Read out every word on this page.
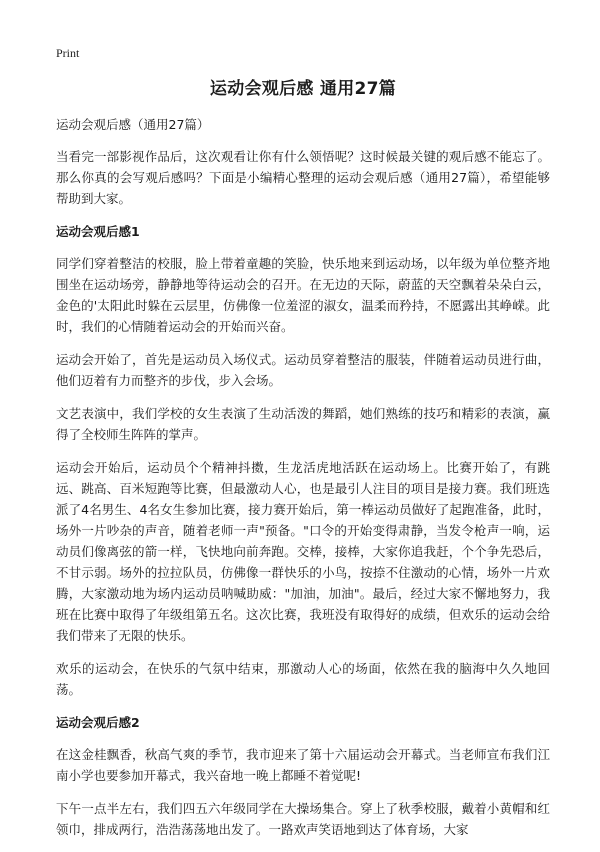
Print
运动会观后感 通用27篇
运动会观后感（通用27篇）

当看完一部影视作品后，这次观看让你有什么领悟呢？这时候最关键的观后感不能忘了。那么你真的会写观后感吗？下面是小编精心整理的运动会观后感（通用27篇），希望能够帮助到大家。

运动会观后感1

同学们穿着整洁的校服，脸上带着童趣的笑脸，快乐地来到运动场，以年级为单位整齐地围坐在运动场旁，静静地等待运动会的召开。在无边的天际，蔚蓝的天空飘着朵朵白云，金色的'太阳此时躲在云层里，仿佛像一位羞涩的淑女，温柔而矜持，不愿露出其峥嵘。此时，我们的心情随着运动会的开始而兴奋。

运动会开始了，首先是运动员入场仪式。运动员穿着整洁的服装，伴随着运动员进行曲，他们迈着有力而整齐的步伐，步入会场。

文艺表演中，我们学校的女生表演了生动活泼的舞蹈，她们熟练的技巧和精彩的表演，赢得了全校师生阵阵的掌声。

运动会开始后，运动员个个精神抖擞，生龙活虎地活跃在运动场上。比赛开始了，有跳远、跳高、百米短跑等比赛，但最激动人心，也是最引人注目的项目是接力赛。我们班选派了4名男生、4名女生参加比赛，接力赛开始后，第一棒运动员做好了起跑准备，此时，场外一片吵杂的声音，随着老师一声"预备。"口令的开始变得肃静，当发令枪声一响，运动员们像离弦的箭一样，飞快地向前奔跑。交棒，接棒，大家你追我赶，个个争先恐后，不甘示弱。场外的拉拉队员，仿佛像一群快乐的小鸟，按捺不住激动的心情，场外一片欢腾，大家激动地为场内运动员呐喊助威："加油，加油"。最后，经过大家不懈地努力，我班在比赛中取得了年级组第五名。这次比赛，我班没有取得好的成绩，但欢乐的运动会给我们带来了无限的快乐。

欢乐的运动会，在快乐的气氛中结束，那激动人心的场面，依然在我的脑海中久久地回荡。

运动会观后感2

在这金桂飘香，秋高气爽的季节，我市迎来了第十六届运动会开幕式。当老师宣布我们江南小学也要参加开幕式，我兴奋地一晚上都睡不着觉呢!

下午一点半左右，我们四五六年级同学在大操场集合。穿上了秋季校服，戴着小黄帽和红领巾，排成两行，浩浩荡荡地出发了。一路欢声笑语地到达了体育场，大家
